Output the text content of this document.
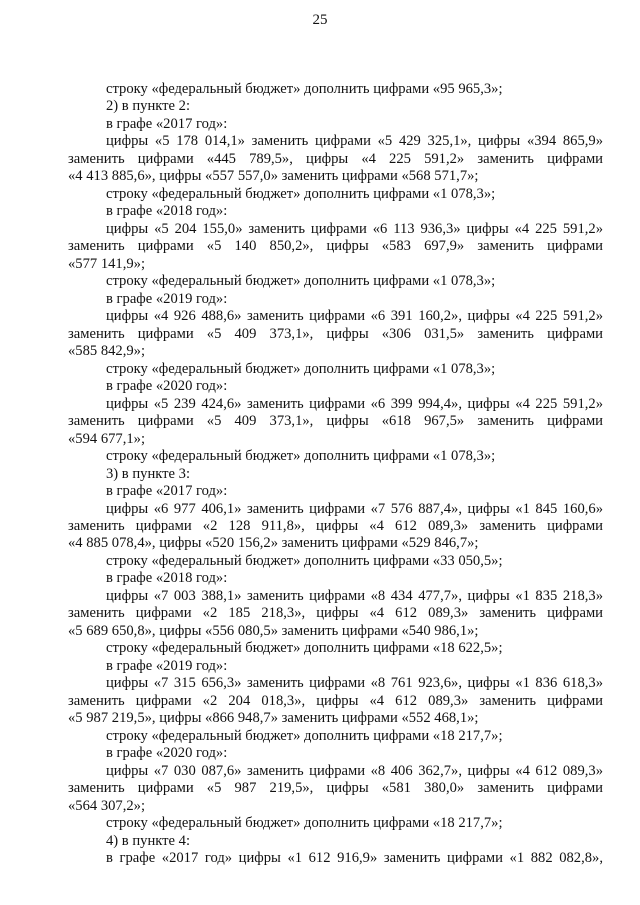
25
строку «федеральный бюджет» дополнить цифрами «95 965,3»;
2) в пункте 2:
в графе «2017 год»:
цифры «5 178 014,1» заменить цифрами «5 429 325,1», цифры «394 865,9»
заменить цифрами «445 789,5», цифры «4 225 591,2» заменить цифрами
«4 413 885,6», цифры «557 557,0» заменить цифрами «568 571,7»;
строку «федеральный бюджет» дополнить цифрами «1 078,3»;
в графе «2018 год»:
цифры «5 204 155,0» заменить цифрами «6 113 936,3» цифры «4 225 591,2»
заменить цифрами «5 140 850,2», цифры «583 697,9» заменить цифрами
«577 141,9»;
строку «федеральный бюджет» дополнить цифрами «1 078,3»;
в графе «2019 год»:
цифры «4 926 488,6» заменить цифрами «6 391 160,2», цифры «4 225 591,2»
заменить цифрами «5 409 373,1», цифры «306 031,5» заменить цифрами
«585 842,9»;
строку «федеральный бюджет» дополнить цифрами «1 078,3»;
в графе «2020 год»:
цифры «5 239 424,6» заменить цифрами «6 399 994,4», цифры «4 225 591,2»
заменить цифрами «5 409 373,1», цифры «618 967,5» заменить цифрами
«594 677,1»;
строку «федеральный бюджет» дополнить цифрами «1 078,3»;
3) в пункте 3:
в графе «2017 год»:
цифры «6 977 406,1» заменить цифрами «7 576 887,4», цифры «1 845 160,6»
заменить цифрами «2 128 911,8», цифры «4 612 089,3» заменить цифрами
«4 885 078,4», цифры «520 156,2» заменить цифрами «529 846,7»;
строку «федеральный бюджет» дополнить цифрами «33 050,5»;
в графе «2018 год»:
цифры «7 003 388,1» заменить цифрами «8 434 477,7», цифры «1 835 218,3»
заменить цифрами «2 185 218,3», цифры «4 612 089,3» заменить цифрами
«5 689 650,8», цифры «556 080,5» заменить цифрами «540 986,1»;
строку «федеральный бюджет» дополнить цифрами «18 622,5»;
в графе «2019 год»:
цифры «7 315 656,3» заменить цифрами «8 761 923,6», цифры «1 836 618,3»
заменить цифрами «2 204 018,3», цифры «4 612 089,3» заменить цифрами
«5 987 219,5», цифры «866 948,7» заменить цифрами «552 468,1»;
строку «федеральный бюджет» дополнить цифрами «18 217,7»;
в графе «2020 год»:
цифры «7 030 087,6» заменить цифрами «8 406 362,7», цифры «4 612 089,3»
заменить цифрами «5 987 219,5», цифры «581 380,0» заменить цифрами
«564 307,2»;
строку «федеральный бюджет» дополнить цифрами «18 217,7»;
4) в пункте 4:
в графе «2017 год» цифры «1 612 916,9» заменить цифрами «1 882 082,8»,
